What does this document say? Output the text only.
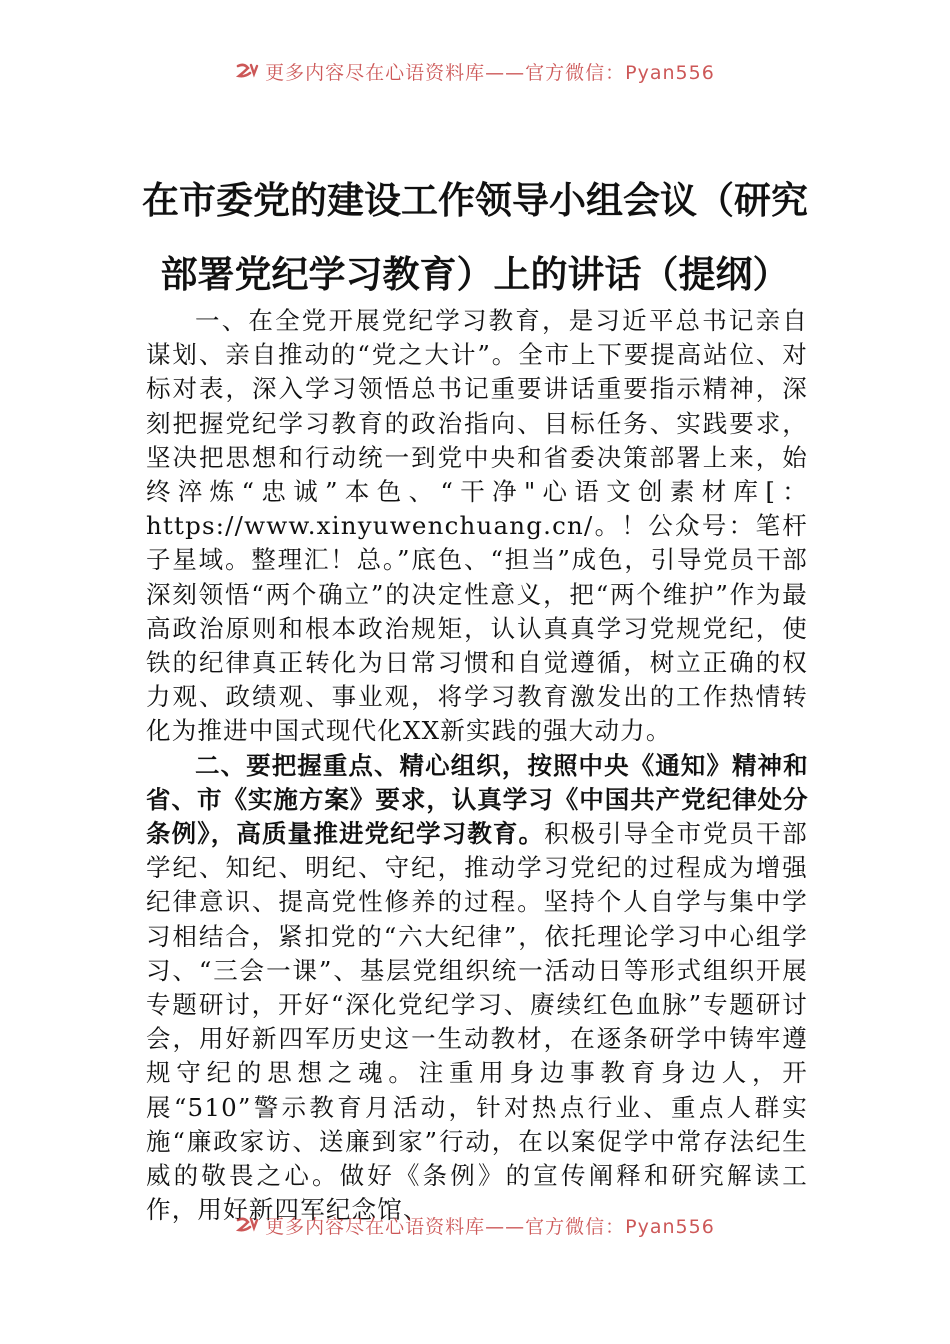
更多内容尽在心语资料库——官方微信：Pyan556
在市委党的建设工作领导小组会议（研究
部署党纪学习教育）上的讲话（提纲）

一、在全党开展党纪学习教育，是习近平总书记亲自谋划、亲自推动的“党之大计”。全市上下要提高站位、对标对表，深入学习领悟总书记重要讲话重要指示精神，深刻把握党纪学习教育的政治指向、目标任务、实践要求，坚决把思想和行动统一到党中央和省委决策部署上来，始终淬炼“忠诚”本色、“干净"心语文创素材库[：https://www.xinyuwenchuang.cn/。！公众号：笔杆子星域。整理汇！总。”底色、“担当”成色，引导党员干部深刻领悟“两个确立”的决定性意义，把“两个维护”作为最高政治原则和根本政治规矩，认认真真学习党规党纪，使铁的纪律真正转化为日常习惯和自觉遵循，树立正确的权力观、政绩观、事业观，将学习教育激发出的工作热情转化为推进中国式现代化XX新实践的强大动力。

二、要把握重点、精心组织，按照中央《通知》精神和省、市《实施方案》要求，认真学习《中国共产党纪律处分条例》，高质量推进党纪学习教育。积极引导全市党员干部学纪、知纪、明纪、守纪，推动学习党纪的过程成为增强纪律意识、提高党性修养的过程。坚持个人自学与集中学习相结合，紧扣党的“六大纪律”，依托理论学习中心组学习、“三会一课”、基层党组织统一活动日等形式组织开展专题研讨，开好“深化党纪学习、赓续红色血脉”专题研讨会，用好新四军历史这一生动教材，在逐条研学中铸牢遵规守纪的思想之魂。注重用身边事教育身边人，开展“510”警示教育月活动，针对热点行业、重点人群实施“廉政家访、送廉到家”行动，在以案促学中常存法纪生威的敬畏之心。做好《条例》的宣传阐释和研究解读工作，用好新四军纪念馆、

更多内容尽在心语资料库——官方微信：Pyan556
